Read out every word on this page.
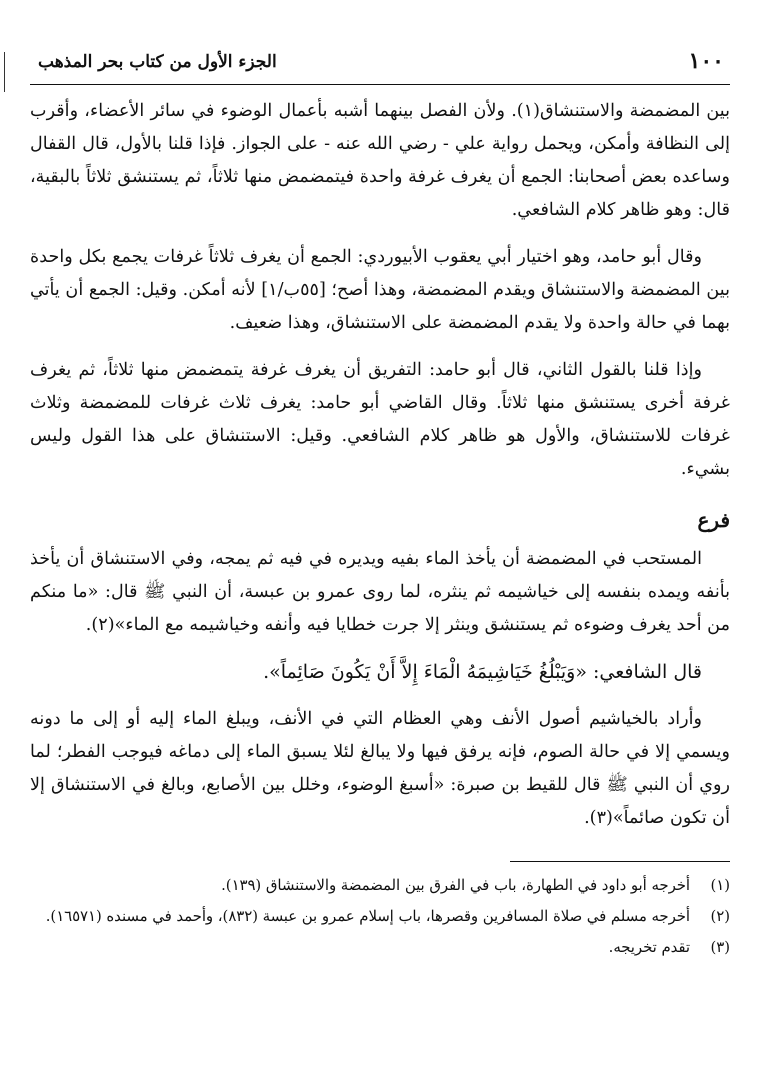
١٠٠
الجزء الأول من كتاب بحر المذهب

بين المضمضة والاستنشاق(١). ولأن الفصل بينهما أشبه بأعمال الوضوء في سائر الأعضاء، وأقرب إلى النظافة وأمكن، ويحمل رواية علي - رضي الله عنه - على الجواز. فإذا قلنا بالأول، قال القفال وساعده بعض أصحابنا: الجمع أن يغرف غرفة واحدة فيتمضمض منها ثلاثاً، ثم يستنشق ثلاثاً بالبقية، قال: وهو ظاهر كلام الشافعي.

وقال أبو حامد، وهو اختيار أبي يعقوب الأبيوردي: الجمع أن يغرف ثلاثاً غرفات يجمع بكل واحدة بين المضمضة والاستنشاق ويقدم المضمضة، وهذا أصح؛ [٥٥ب/١] لأنه أمكن. وقيل: الجمع أن يأتي بهما في حالة واحدة ولا يقدم المضمضة على الاستنشاق، وهذا ضعيف.

وإذا قلنا بالقول الثاني، قال أبو حامد: التفريق أن يغرف غرفة يتمضمض منها ثلاثاً، ثم يغرف غرفة أخرى يستنشق منها ثلاثاً. وقال القاضي أبو حامد: يغرف ثلاث غرفات للمضمضة وثلاث غرفات للاستنشاق، والأول هو ظاهر كلام الشافعي. وقيل: الاستنشاق على هذا القول وليس بشيء.

فرع

المستحب في المضمضة أن يأخذ الماء بفيه ويديره في فيه ثم يمجه، وفي الاستنشاق أن يأخذ بأنفه ويمده بنفسه إلى خياشيمه ثم ينثره، لما روى عمرو بن عبسة، أن النبي ﷺ قال: «ما منكم من أحد يغرف وضوءه ثم يستنشق وينثر إلا جرت خطايا فيه وأنفه وخياشيمه مع الماء»(٢).

قال الشافعي: «وَيَبْلُغُ خَيَاشِيمَهُ الْمَاءَ إِلاَّ أَنْ يَكُونَ صَائِماً».

وأراد بالخياشيم أصول الأنف وهي العظام التي في الأنف، ويبلغ الماء إليه أو إلى ما دونه ويسمي إلا في حالة الصوم، فإنه يرفق فيها ولا يبالغ لئلا يسبق الماء إلى دماغه فيوجب الفطر؛ لما روي أن النبي ﷺ قال للقيط بن صبرة: «أسبغ الوضوء، وخلل بين الأصابع، وبالغ في الاستنشاق إلا أن تكون صائماً»(٣).

(١)
أخرجه أبو داود في الطهارة، باب في الفرق بين المضمضة والاستنشاق (١٣٩).
(٢)
أخرجه مسلم في صلاة المسافرين وقصرها، باب إسلام عمرو بن عبسة (٨٣٢)، وأحمد في مسنده (١٦٥٧١).
(٣)
تقدم تخريجه.
